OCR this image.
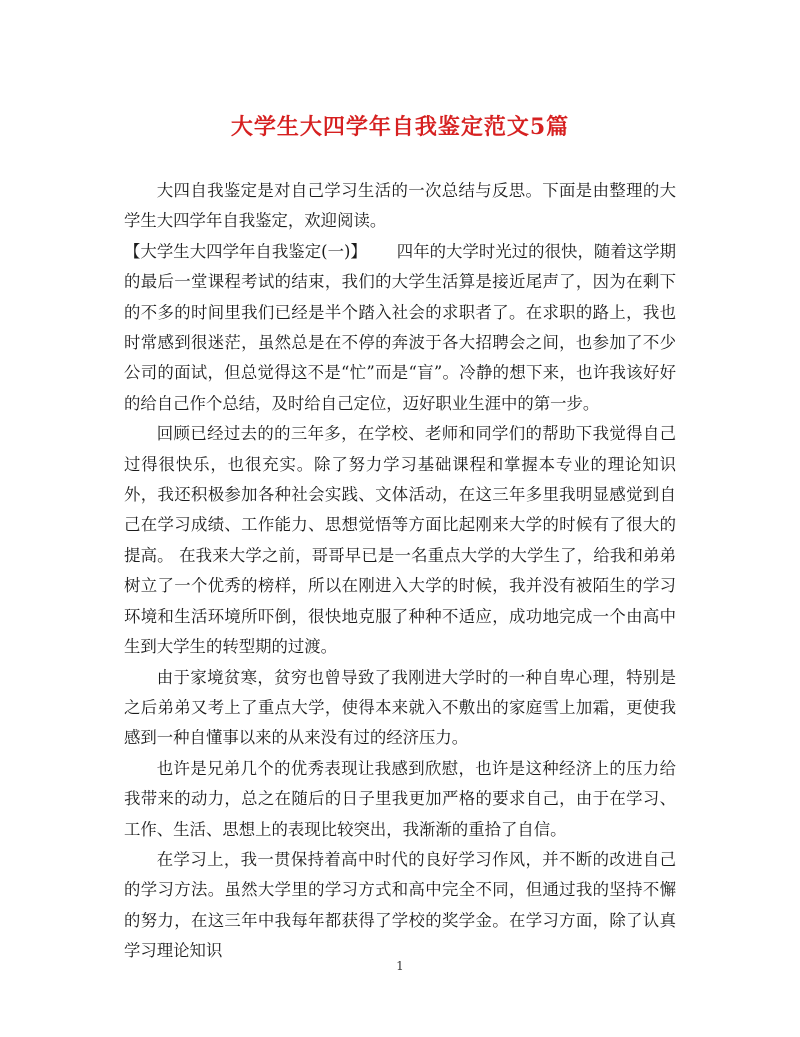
大学生大四学年自我鉴定范文5篇

大四自我鉴定是对自己学习生活的一次总结与反思。下面是由整理的大学生大四学年自我鉴定，欢迎阅读。

【大学生大四学年自我鉴定(一)】　　 四年的大学时光过的很快，随着这学期的最后一堂课程考试的结束，我们的大学生活算是接近尾声了，因为在剩下的不多的时间里我们已经是半个踏入社会的求职者了。在求职的路上，我也时常感到很迷茫，虽然总是在不停的奔波于各大招聘会之间，也参加了不少公司的面试，但总觉得这不是“忙”而是“盲”。冷静的想下来，也许我该好好的给自己作个总结，及时给自己定位，迈好职业生涯中的第一步。

回顾已经过去的的三年多，在学校、老师和同学们的帮助下我觉得自己过得很快乐，也很充实。除了努力学习基础课程和掌握本专业的理论知识外，我还积极参加各种社会实践、文体活动，在这三年多里我明显感觉到自己在学习成绩、工作能力、思想觉悟等方面比起刚来大学的时候有了很大的提高。 在我来大学之前，哥哥早已是一名重点大学的大学生了，给我和弟弟树立了一个优秀的榜样，所以在刚进入大学的时候，我并没有被陌生的学习环境和生活环境所吓倒，很快地克服了种种不适应，成功地完成一个由高中生到大学生的转型期的过渡。

由于家境贫寒，贫穷也曾导致了我刚进大学时的一种自卑心理，特别是之后弟弟又考上了重点大学，使得本来就入不敷出的家庭雪上加霜，更使我感到一种自懂事以来的从来没有过的经济压力。

也许是兄弟几个的优秀表现让我感到欣慰，也许是这种经济上的压力给我带来的动力，总之在随后的日子里我更加严格的要求自己，由于在学习、工作、生活、思想上的表现比较突出，我渐渐的重拾了自信。

在学习上，我一贯保持着高中时代的良好学习作风，并不断的改进自己的学习方法。虽然大学里的学习方式和高中完全不同，但通过我的坚持不懈的努力，在这三年中我每年都获得了学校的奖学金。在学习方面，除了认真学习理论知识

1
